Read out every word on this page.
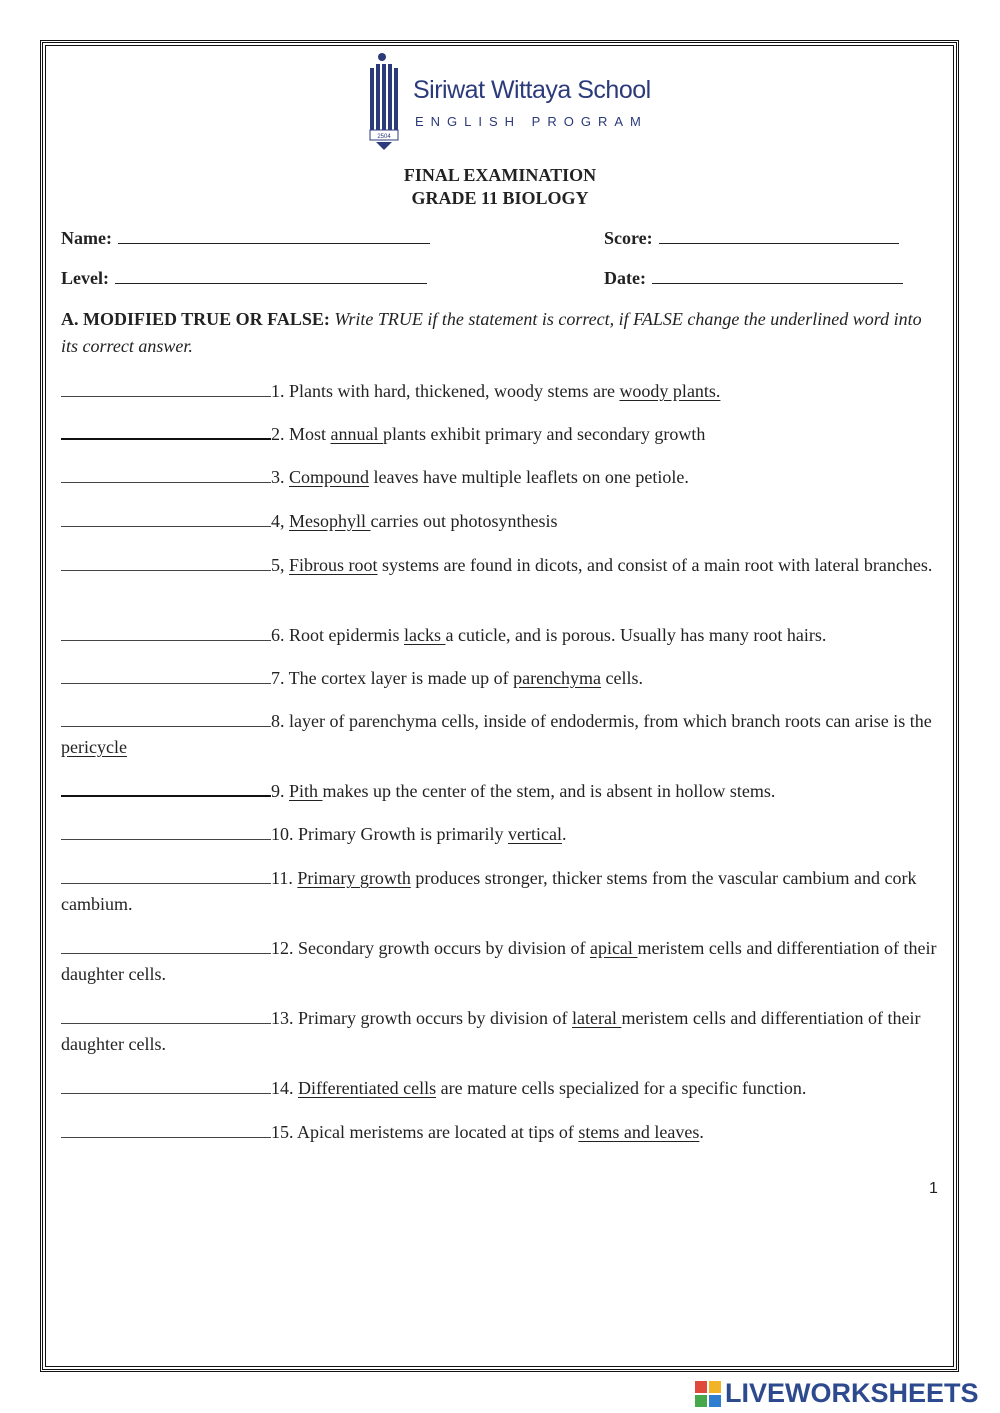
2504
Siriwat Wittaya School
ENGLISH PROGRAM
FINAL EXAMINATION
GRADE 11 BIOLOGY
Name:	Score:
Level:	Date:
A. MODIFIED TRUE OR FALSE: Write TRUE if the statement is correct, if FALSE change the underlined word into its correct answer.
1. Plants with hard, thickened, woody stems are woody plants.
2. Most annual plants exhibit primary and secondary growth
3. Compound leaves have multiple leaflets on one petiole.
4, Mesophyll carries out photosynthesis
5, Fibrous root systems are found in dicots, and consist of a main root with lateral branches.
6. Root epidermis lacks a cuticle, and is porous. Usually has many root hairs.
7. The cortex layer is made up of parenchyma cells.
8. layer of parenchyma cells, inside of endodermis, from which branch roots can arise is the pericycle
9. Pith makes up the center of the stem, and is absent in hollow stems.
10. Primary Growth is primarily vertical.
11. Primary growth produces stronger, thicker stems from the vascular cambium and cork cambium.
12. Secondary growth occurs by division of apical meristem cells and differentiation of their daughter cells.
13. Primary growth occurs by division of lateral meristem cells and differentiation of their daughter cells.
14. Differentiated cells are mature cells specialized for a specific function.
15. Apical meristems are located at tips of stems and leaves.
1
LIVEWORKSHEETS
